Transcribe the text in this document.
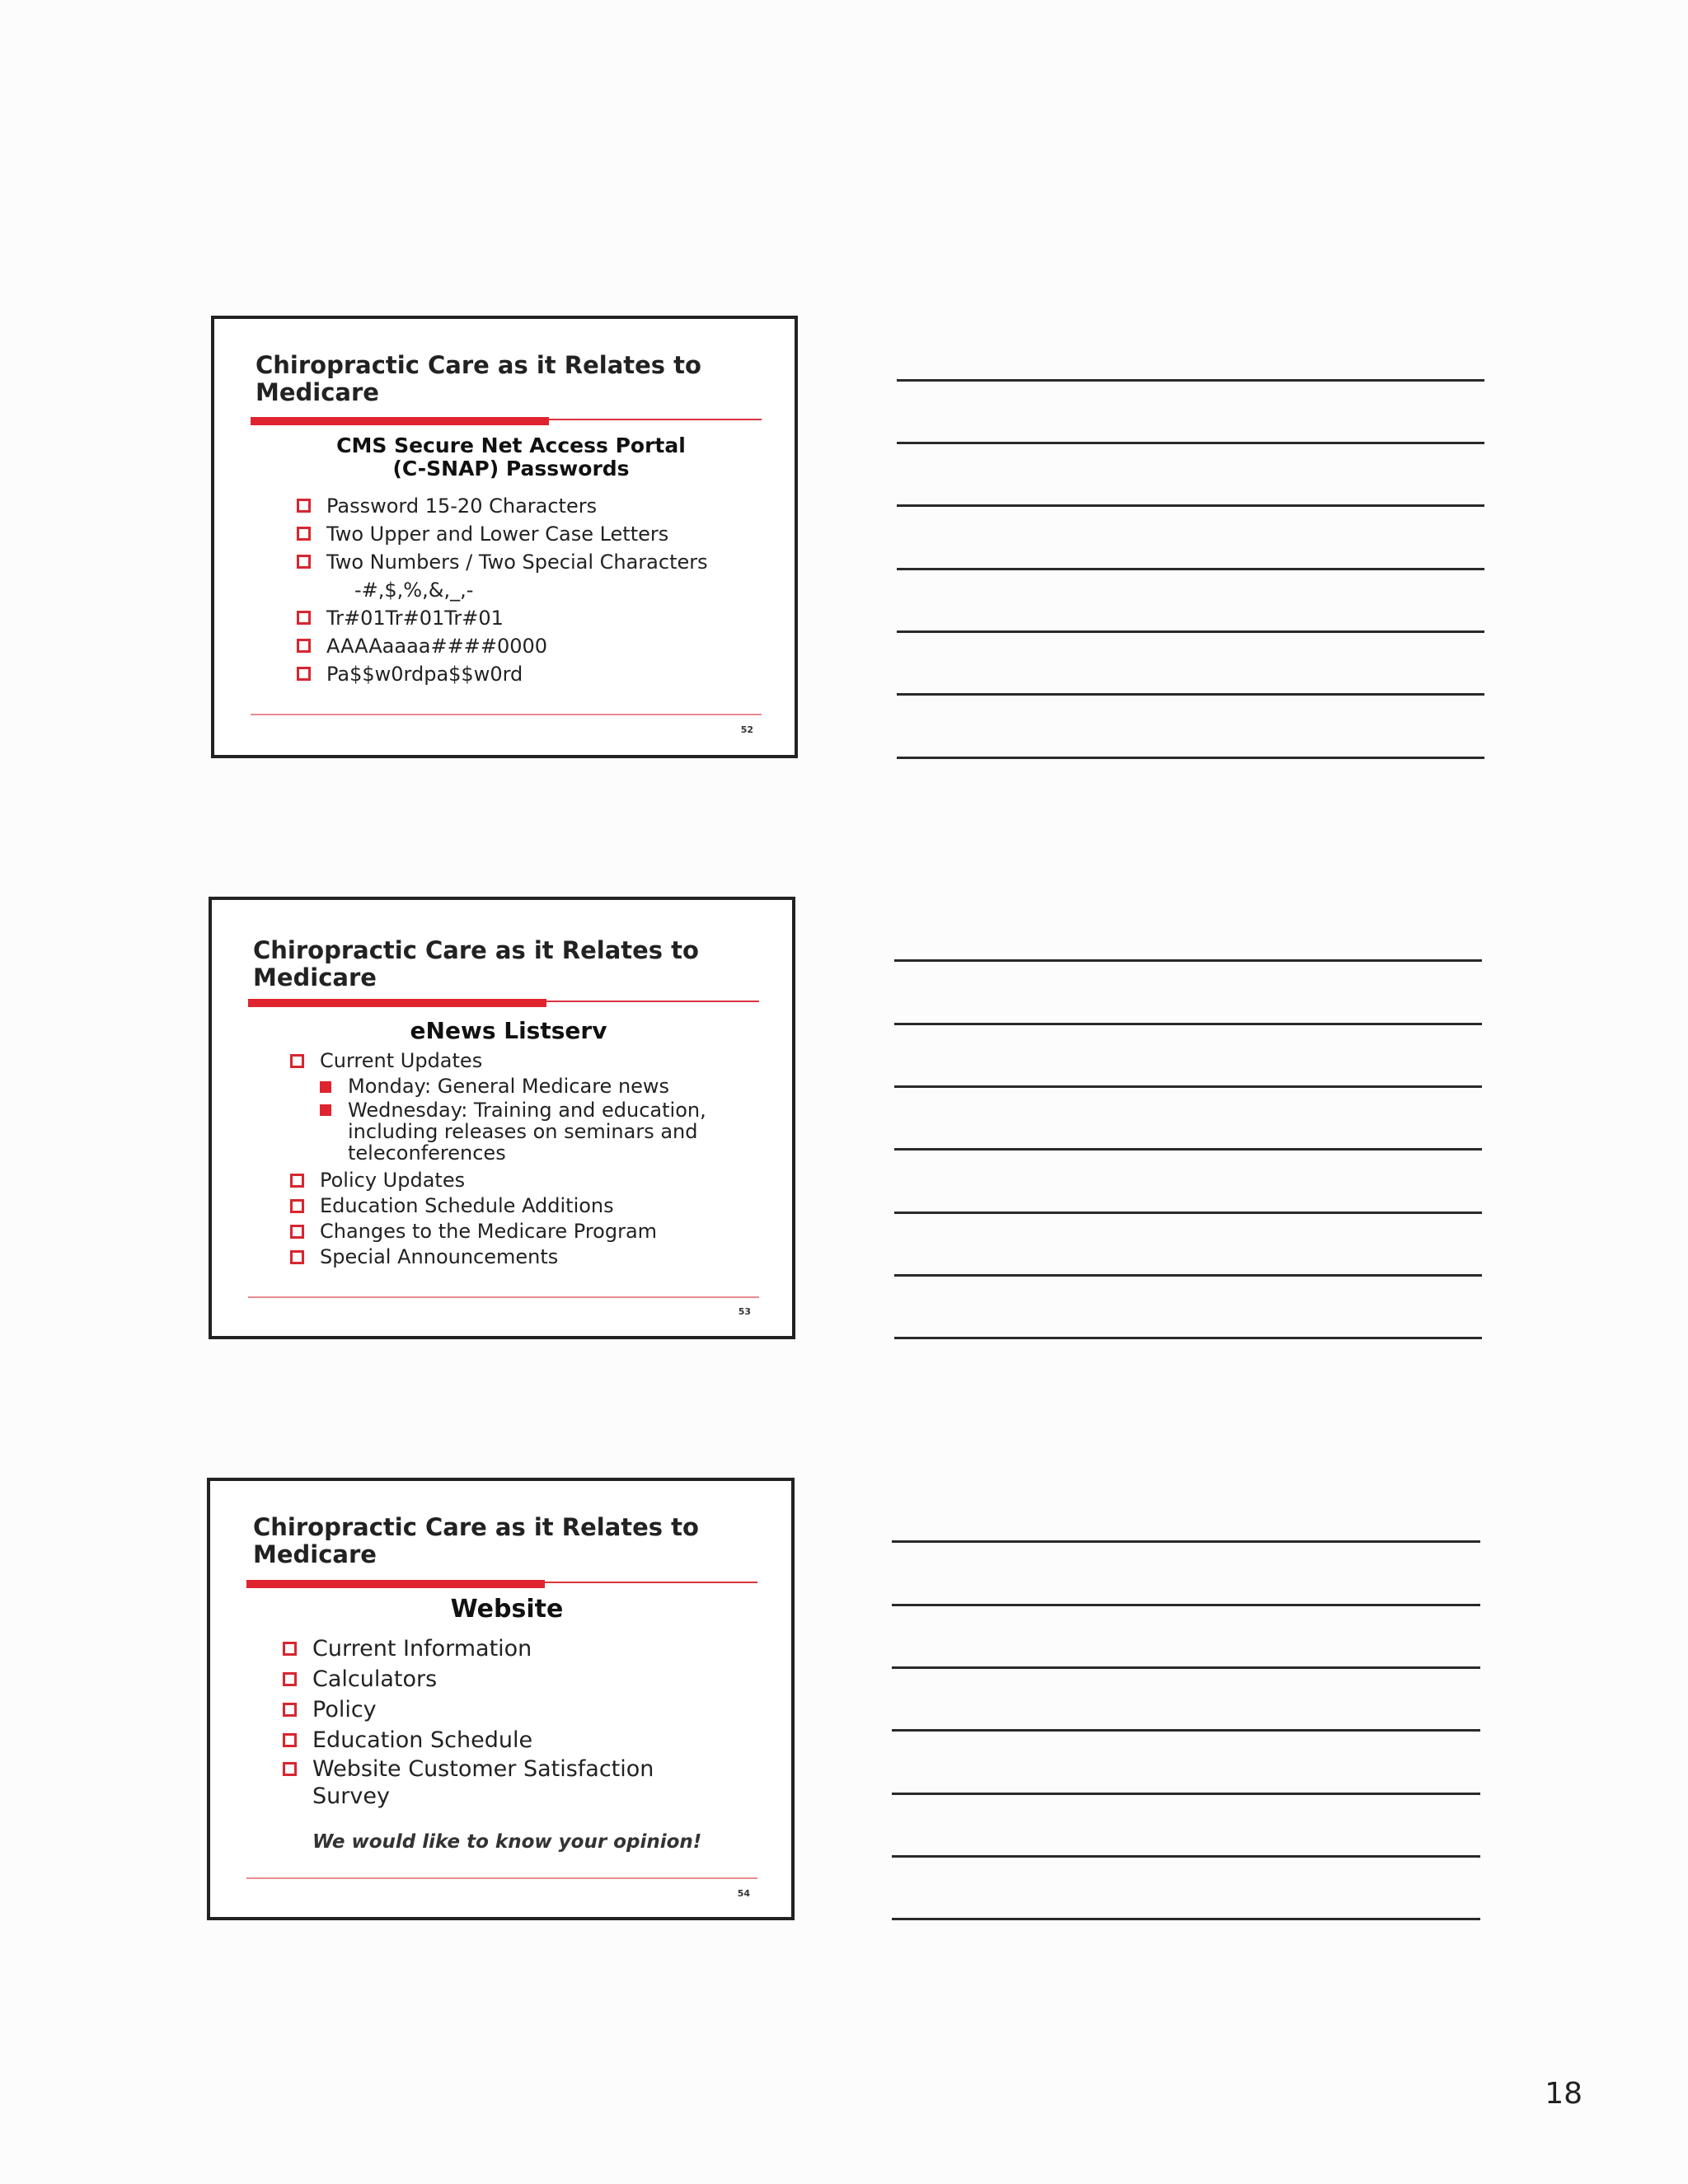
Chiropractic Care as it Relates to Medicare
CMS Secure Net Access Portal
(C-SNAP) Passwords
Password 15-20 Characters
Two Upper and Lower Case Letters
Two Numbers / Two Special Characters
-#,$,%,&,_,-
Tr#01Tr#01Tr#01
AAAAaaaa####0000
Pa$$w0rdpa$$w0rd
52
Chiropractic Care as it Relates to Medicare
eNews Listserv
Current Updates
Monday: General Medicare news
Wednesday: Training and education, including releases on seminars and teleconferences
Policy Updates
Education Schedule Additions
Changes to the Medicare Program
Special Announcements
53
Chiropractic Care as it Relates to Medicare
Website
Current Information
Calculators
Policy
Education Schedule
Website Customer Satisfaction Survey
We would like to know your opinion!
54
18
